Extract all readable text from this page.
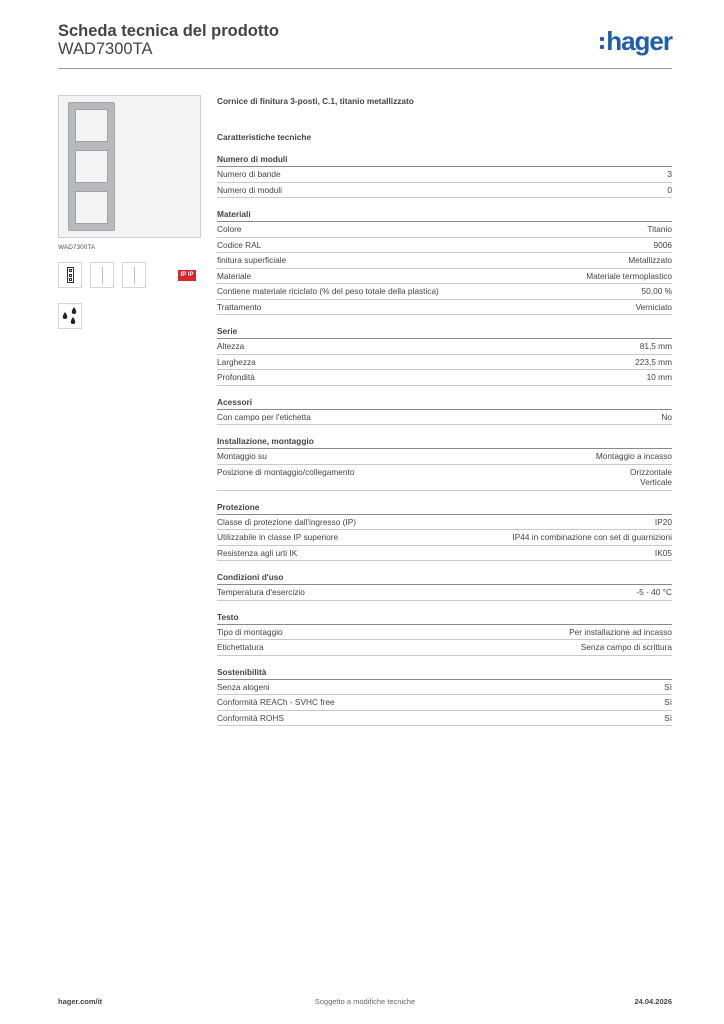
Scheda tecnica del prodotto
WAD7300TA	hager
WAD7300TA
IP IP
Cornice di finitura 3-posti, C.1, titanio metallizzato
Caratteristiche tecniche
Numero di moduli
Numero di bande	3
Numero di moduli	0
Materiali
Colore	Titanio
Codice RAL	9006
finitura superficiale	Metallizzato
Materiale	Materiale termoplastico
Contiene materiale riciclato (% del peso totale della plastica)	50,00 %
Trattamento	Verniciato
Serie
Altezza	81,5 mm
Larghezza	223,5 mm
Profondità	10 mm
Acessori
Con campo per l'etichetta	No
Installazione, montaggio
Montaggio su	Montaggio a incasso
Posizione di montaggio/collegamento	Orizzontale
Verticale
Protezione
Classe di protezione dall'ingresso (IP)	IP20
Utilizzabile in classe IP superiore	IP44 in combinazione con set di guarnizioni
Resistenza agli urti IK	IK05
Condizioni d'uso
Temperatura d'esercizio	-5 - 40 °C
Testo
Tipo di montaggio	Per installazione ad incasso
Etichettatura	Senza campo di scrittura
Sostenibilità
Senza alogeni	Sì
Conformità REACh - SVHC free	Sì
Conformità ROHS	Sì
hager.com/it	Soggetto a modifiche tecniche	24.04.2026
